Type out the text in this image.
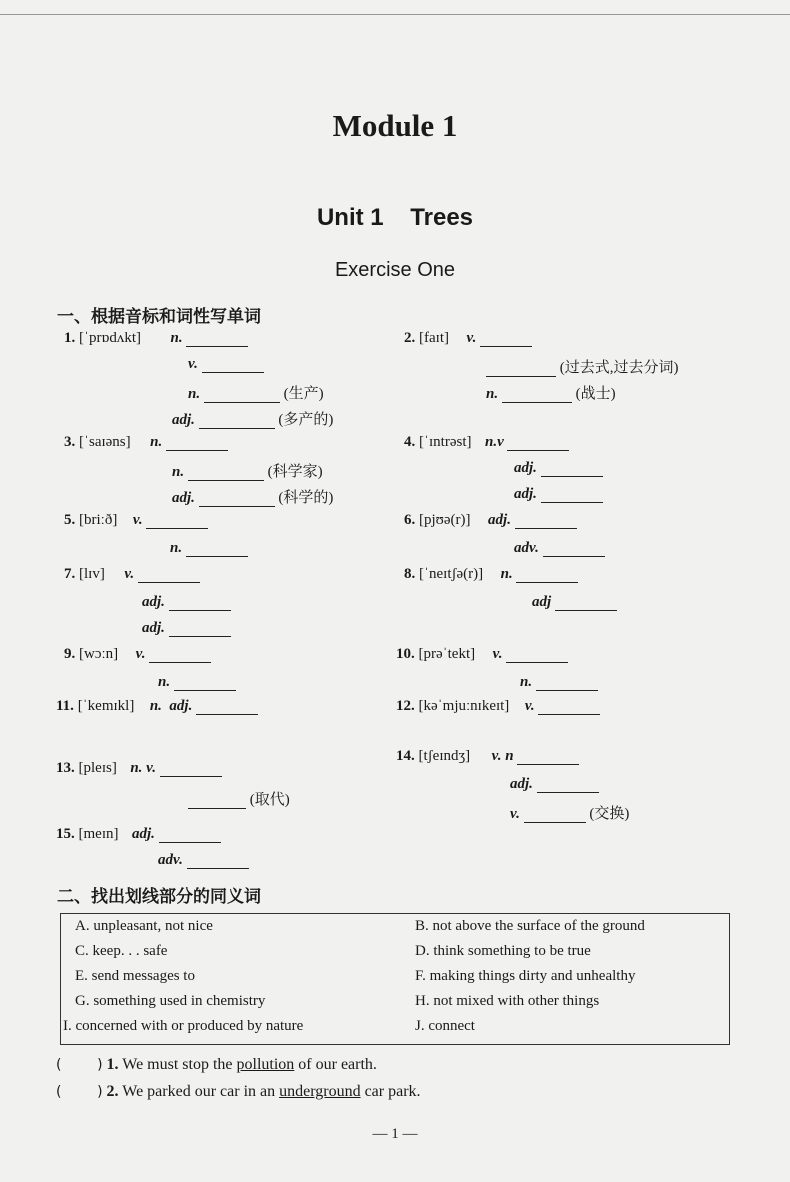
Module 1
Unit 1    Trees
Exercise One
一、根据音标和词性写单词
1. [ˈprɒdʌkt] n.
v.
n.	(生产)
adj.	(多产的)
2. [faɪt] v.
(过去式,过去分词)
n.	(战士)
3. [ˈsaɪəns] n.
n.	(科学家)
adj.	(科学的)
4. [ˈɪntrəst] n.v
adj.
adj.
5. [briːð] v.
n.
6. [pjʊə(r)] adj.
adv.
7. [lɪv] v.
adj.
adj.
8. [ˈneɪtʃə(r)] n.
adj
9. [wɔːn] v.
n.
10. [prəˈtekt] v.
n.
11. [ˈkemɪkl] n.  adj.	12. [kəˈmjuːnɪkeɪt] v.
13. [pleɪs] n. v.
(取代)
14. [tʃeɪndʒ] v. n
adj.
v.	(交换)
15. [meɪn] adj.
adv.
二、找出划线部分的同义词
A. unpleasant, not nice	B. not above the surface of the ground
C. keep. . . safe	D. think something to be true
E. send messages to	F. making things dirty and unhealthy
G. something used in chemistry	H. not mixed with other things
I. concerned with or produced by nature	J. connect
(        ) 1. We must stop the pollution of our earth.
(        ) 2. We parked our car in an underground car park.
— 1 —
